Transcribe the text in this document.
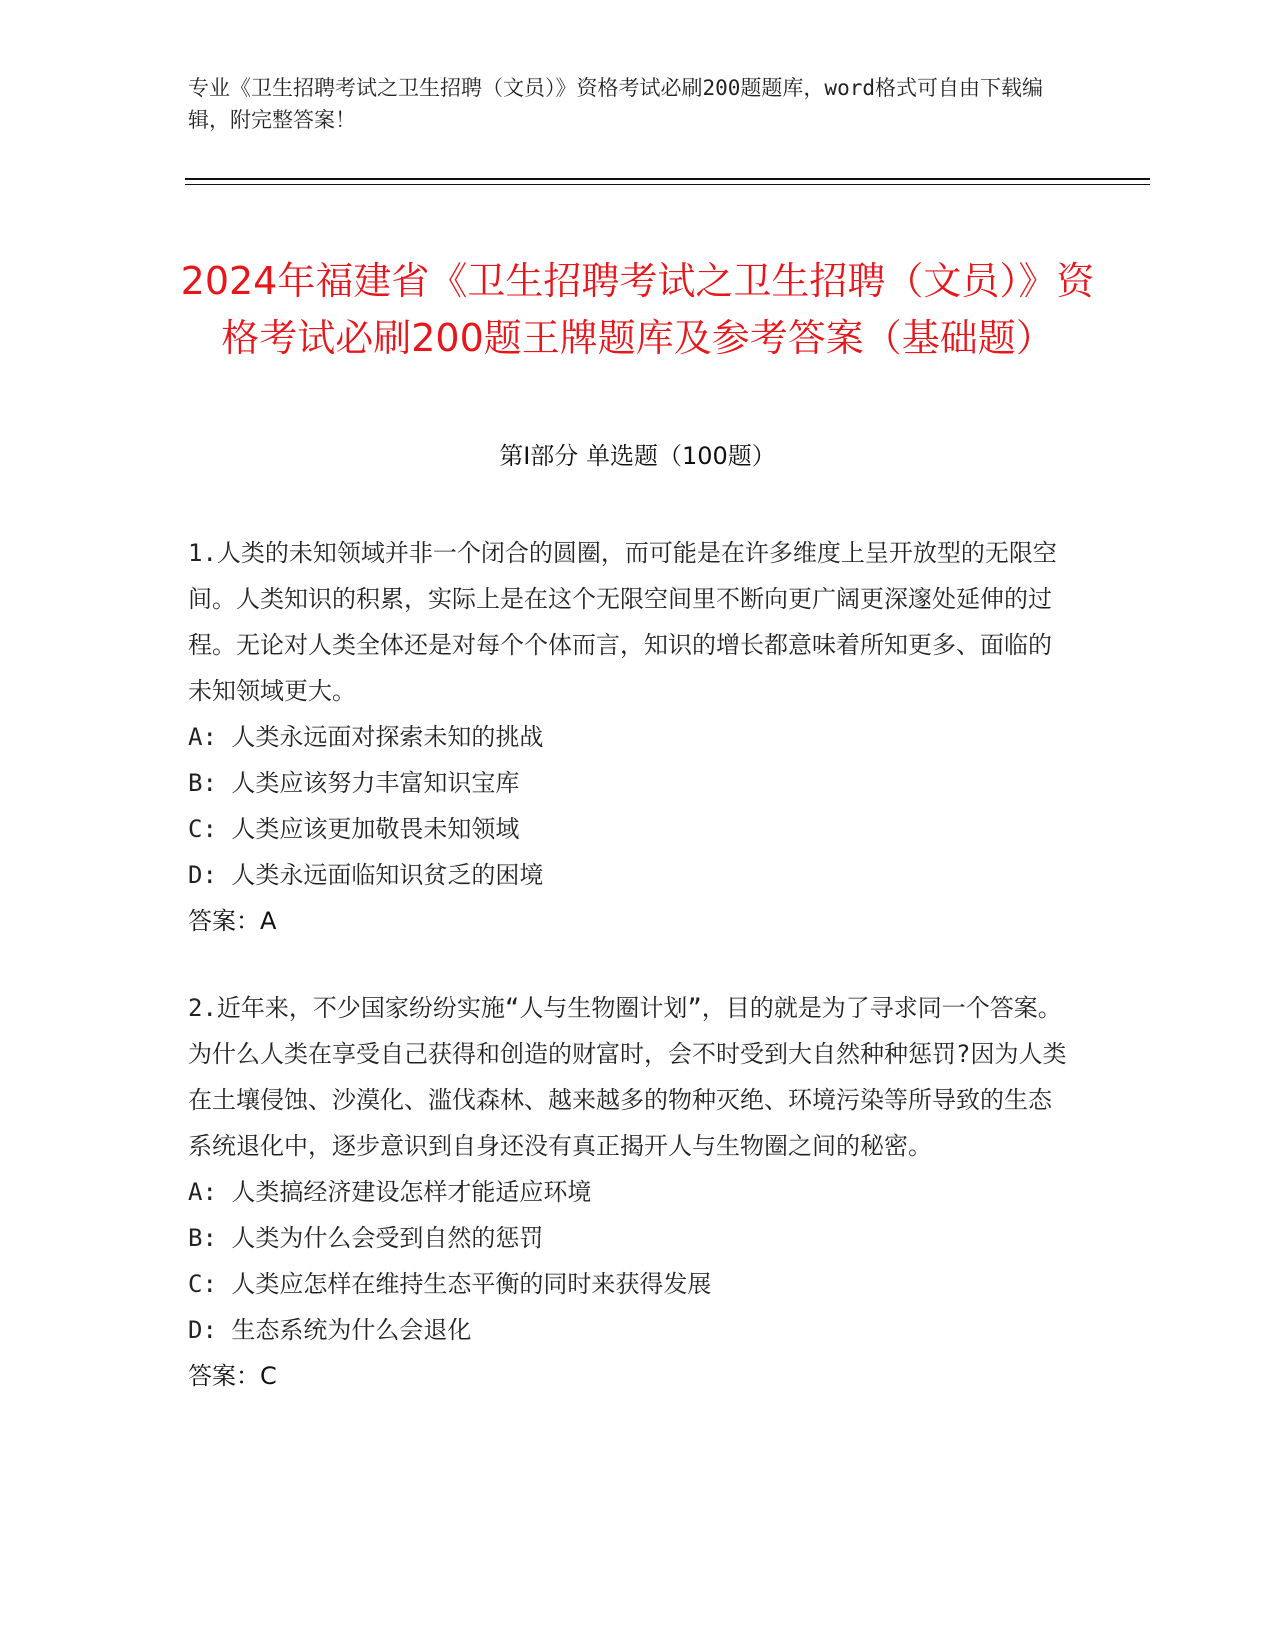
专业《卫生招聘考试之卫生招聘（文员）》资格考试必刷200题题库，word格式可自由下载编辑，附完整答案！
2024年福建省《卫生招聘考试之卫生招聘（文员）》资格考试必刷200题王牌题库及参考答案（基础题）
第Ⅰ部分 单选题（100题）

1.人类的未知领域并非一个闭合的圆圈，而可能是在许多维度上呈开放型的无限空间。人类知识的积累，实际上是在这个无限空间里不断向更广阔更深邃处延伸的过程。无论对人类全体还是对每个个体而言，知识的增长都意味着所知更多、面临的未知领域更大。

A: 人类永远面对探索未知的挑战

B: 人类应该努力丰富知识宝库

C: 人类应该更加敬畏未知领域

D: 人类永远面临知识贫乏的困境

答案：A

2.近年来，不少国家纷纷实施“人与生物圈计划”，目的就是为了寻求同一个答案。为什么人类在享受自己获得和创造的财富时，会不时受到大自然种种惩罚?因为人类在土壤侵蚀、沙漠化、滥伐森林、越来越多的物种灭绝、环境污染等所导致的生态系统退化中，逐步意识到自身还没有真正揭开人与生物圈之间的秘密。

A: 人类搞经济建设怎样才能适应环境

B: 人类为什么会受到自然的惩罚

C: 人类应怎样在维持生态平衡的同时来获得发展

D: 生态系统为什么会退化

答案：C
